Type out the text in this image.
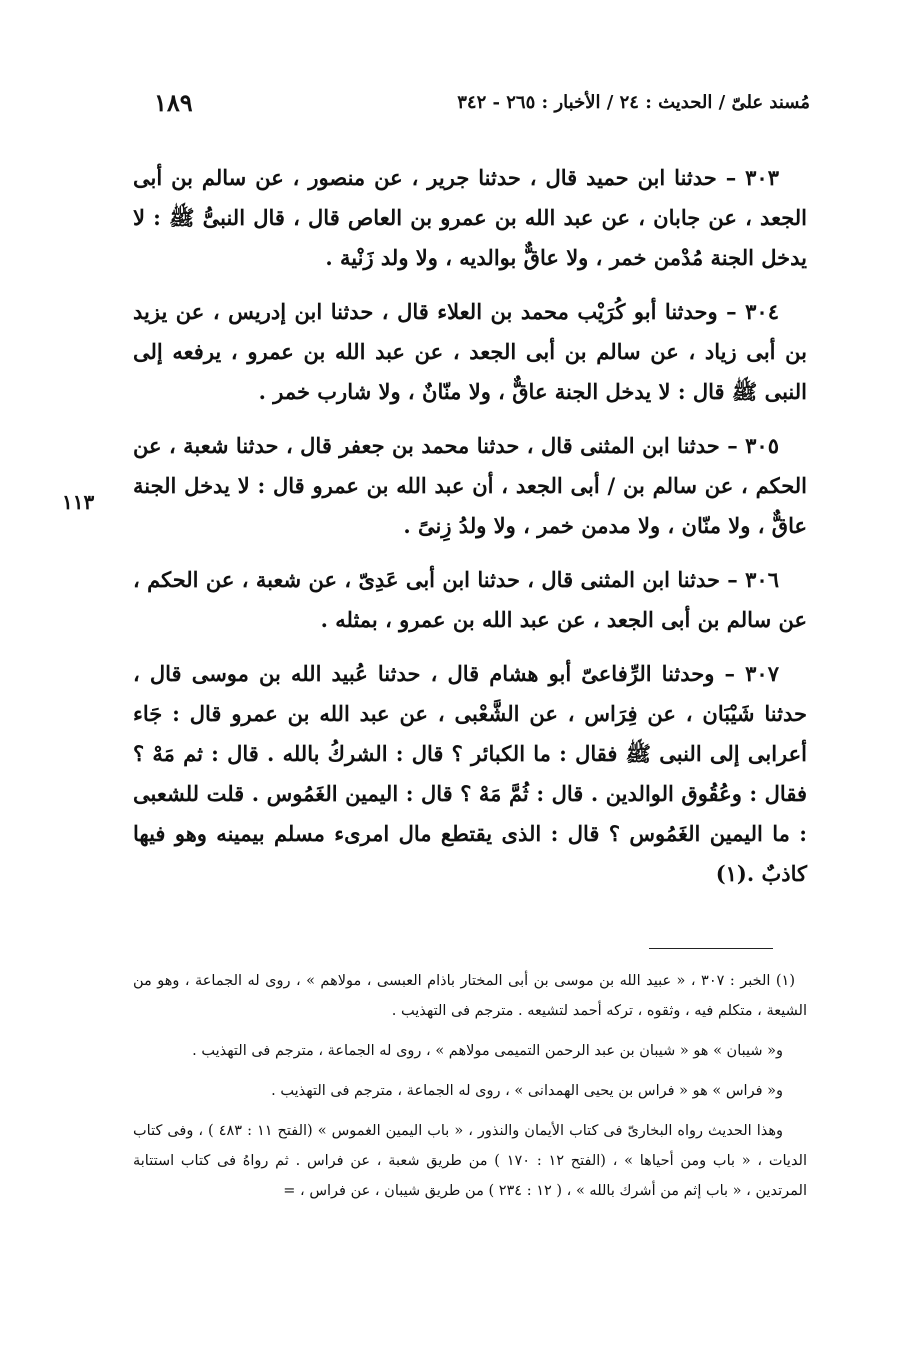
مُسند علىّ / الحديث : ٢٤ / الأخبار : ٢٦٥ - ٣٤٢
١٨٩

٣٠٣ – حدثنا ابن حميد قال ، حدثنا جرير ، عن منصور ، عن سالم بن أبى الجعد ، عن جابان ، عن عبد الله بن عمرو بن العاص قال ، قال النبىُّ ﷺ : لا يدخل الجنة مُدْمن خمر ، ولا عاقٌّ بوالديه ، ولا ولد زَنْية .

٣٠٤ – وحدثنا أبو كُرَيْب محمد بن العلاء قال ، حدثنا ابن إدريس ، عن يزيد بن أبى زياد ، عن سالم بن أبى الجعد ، عن عبد الله بن عمرو ، يرفعه إلى النبى ﷺ قال : لا يدخل الجنة عاقٌّ ، ولا منّانٌ ، ولا شارب خمر .

٣٠٥ – حدثنا ابن المثنى قال ، حدثنا محمد بن جعفر قال ، حدثنا شعبة ، عن الحكم ، عن سالم بن / أبى الجعد ، أن عبد الله بن عمرو قال : لا يدخل الجنة عاقٌّ ، ولا منّان ، ولا مدمن خمر ، ولا ولدُ زِنىً .

٣٠٦ – حدثنا ابن المثنى قال ، حدثنا ابن أبى عَدِىّ ، عن شعبة ، عن الحكم ، عن سالم بن أبى الجعد ، عن عبد الله بن عمرو ، بمثله .

٣٠٧ – وحدثنا الرِّفاعىّ أبو هشام قال ، حدثنا عُبيد الله بن موسى قال ، حدثنا شَيْبَان ، عن فِرَاس ، عن الشَّعْبى ، عن عبد الله بن عمرو قال : جَاء أعرابى إلى النبى ﷺ فقال : ما الكبائر ؟ قال : الشركُ بالله . قال : ثم مَهْ ؟ فقال : وعُقُوق الوالدين . قال : ثُمَّ مَهْ ؟ قال : اليمين الغَمُوس . قلت للشعبى : ما اليمين الغَمُوس ؟ قال : الذى يقتطع مال امرىء مسلم بيمينه وهو فيها كاذبٌ .(١)

١١٣

(١) الخبر : ٣٠٧ ، « عبيد الله بن موسى بن أبى المختار باذام العبسى ، مولاهم » ، روى له الجماعة ، وهو من الشيعة ، متكلم فيه ، وثقوه ، تركه أحمد لتشيعه . مترجم فى التهذيب .

و« شيبان » هو « شيبان بن عبد الرحمن التميمى مولاهم » ، روى له الجماعة ، مترجم فى التهذيب .

و« فراس » هو « فراس بن يحيى الهمدانى » ، روى له الجماعة ، مترجم فى التهذيب .

وهذا الحديث رواه البخارىّ فى كتاب الأيمان والنذور ، « باب اليمين الغموس » (الفتح ١١ : ٤٨٣ ) ، وفى كتاب الديات ، « باب ومن أحياها » ، (الفتح ١٢ : ١٧٠ ) من طريق شعبة ، عن فراس . ثم رواهُ فى كتاب استتابة المرتدين ، « باب إثم من أشرك بالله » ، ( ١٢ : ٢٣٤ ) من طريق شيبان ، عن فراس ، =
